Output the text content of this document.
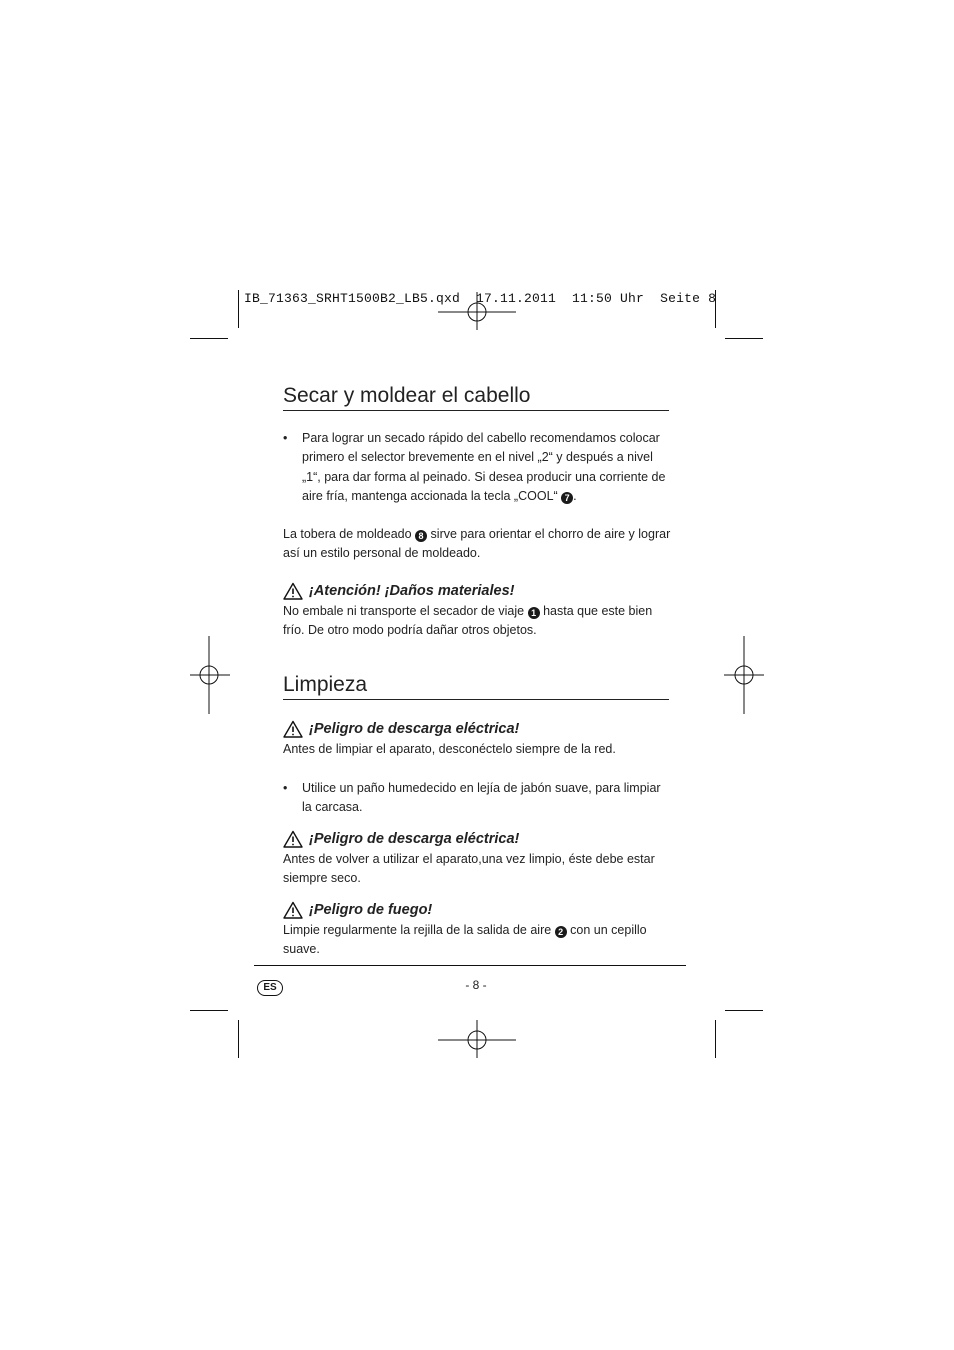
IB_71363_SRHT1500B2_LB5.qxd  17.11.2011  11:50 Uhr  Seite 8
Secar y moldear el cabello
• Para lograr un secado rápido del cabello recomendamos colocar primero el selector brevemente en el nivel „2“ y después a nivel „1“, para dar forma al peinado. Si desea producir una corriente de aire fría, mantenga accionada la tecla „COOL“ 7 .
La tobera de moldeado 8 sirve para orientar el chorro de aire y lograr así un estilo personal de moldeado.
¡Atención! ¡Daños materiales!
No embale ni transporte el secador de viaje 1 hasta que este bien frío. De otro modo podría dañar otros objetos.
Limpieza
¡Peligro de descarga eléctrica!
Antes de limpiar el aparato, desconéctelo siempre de la red.
• Utilice un paño humedecido en lejía de jabón suave, para limpiar la carcasa.
¡Peligro de descarga eléctrica!
Antes de volver a utilizar el aparato,una vez limpio, éste debe estar siempre seco.
¡Peligro de fuego!
Limpie regularmente la rejilla de la salida de aire 2 con un cepillo suave.
ES	- 8 -
